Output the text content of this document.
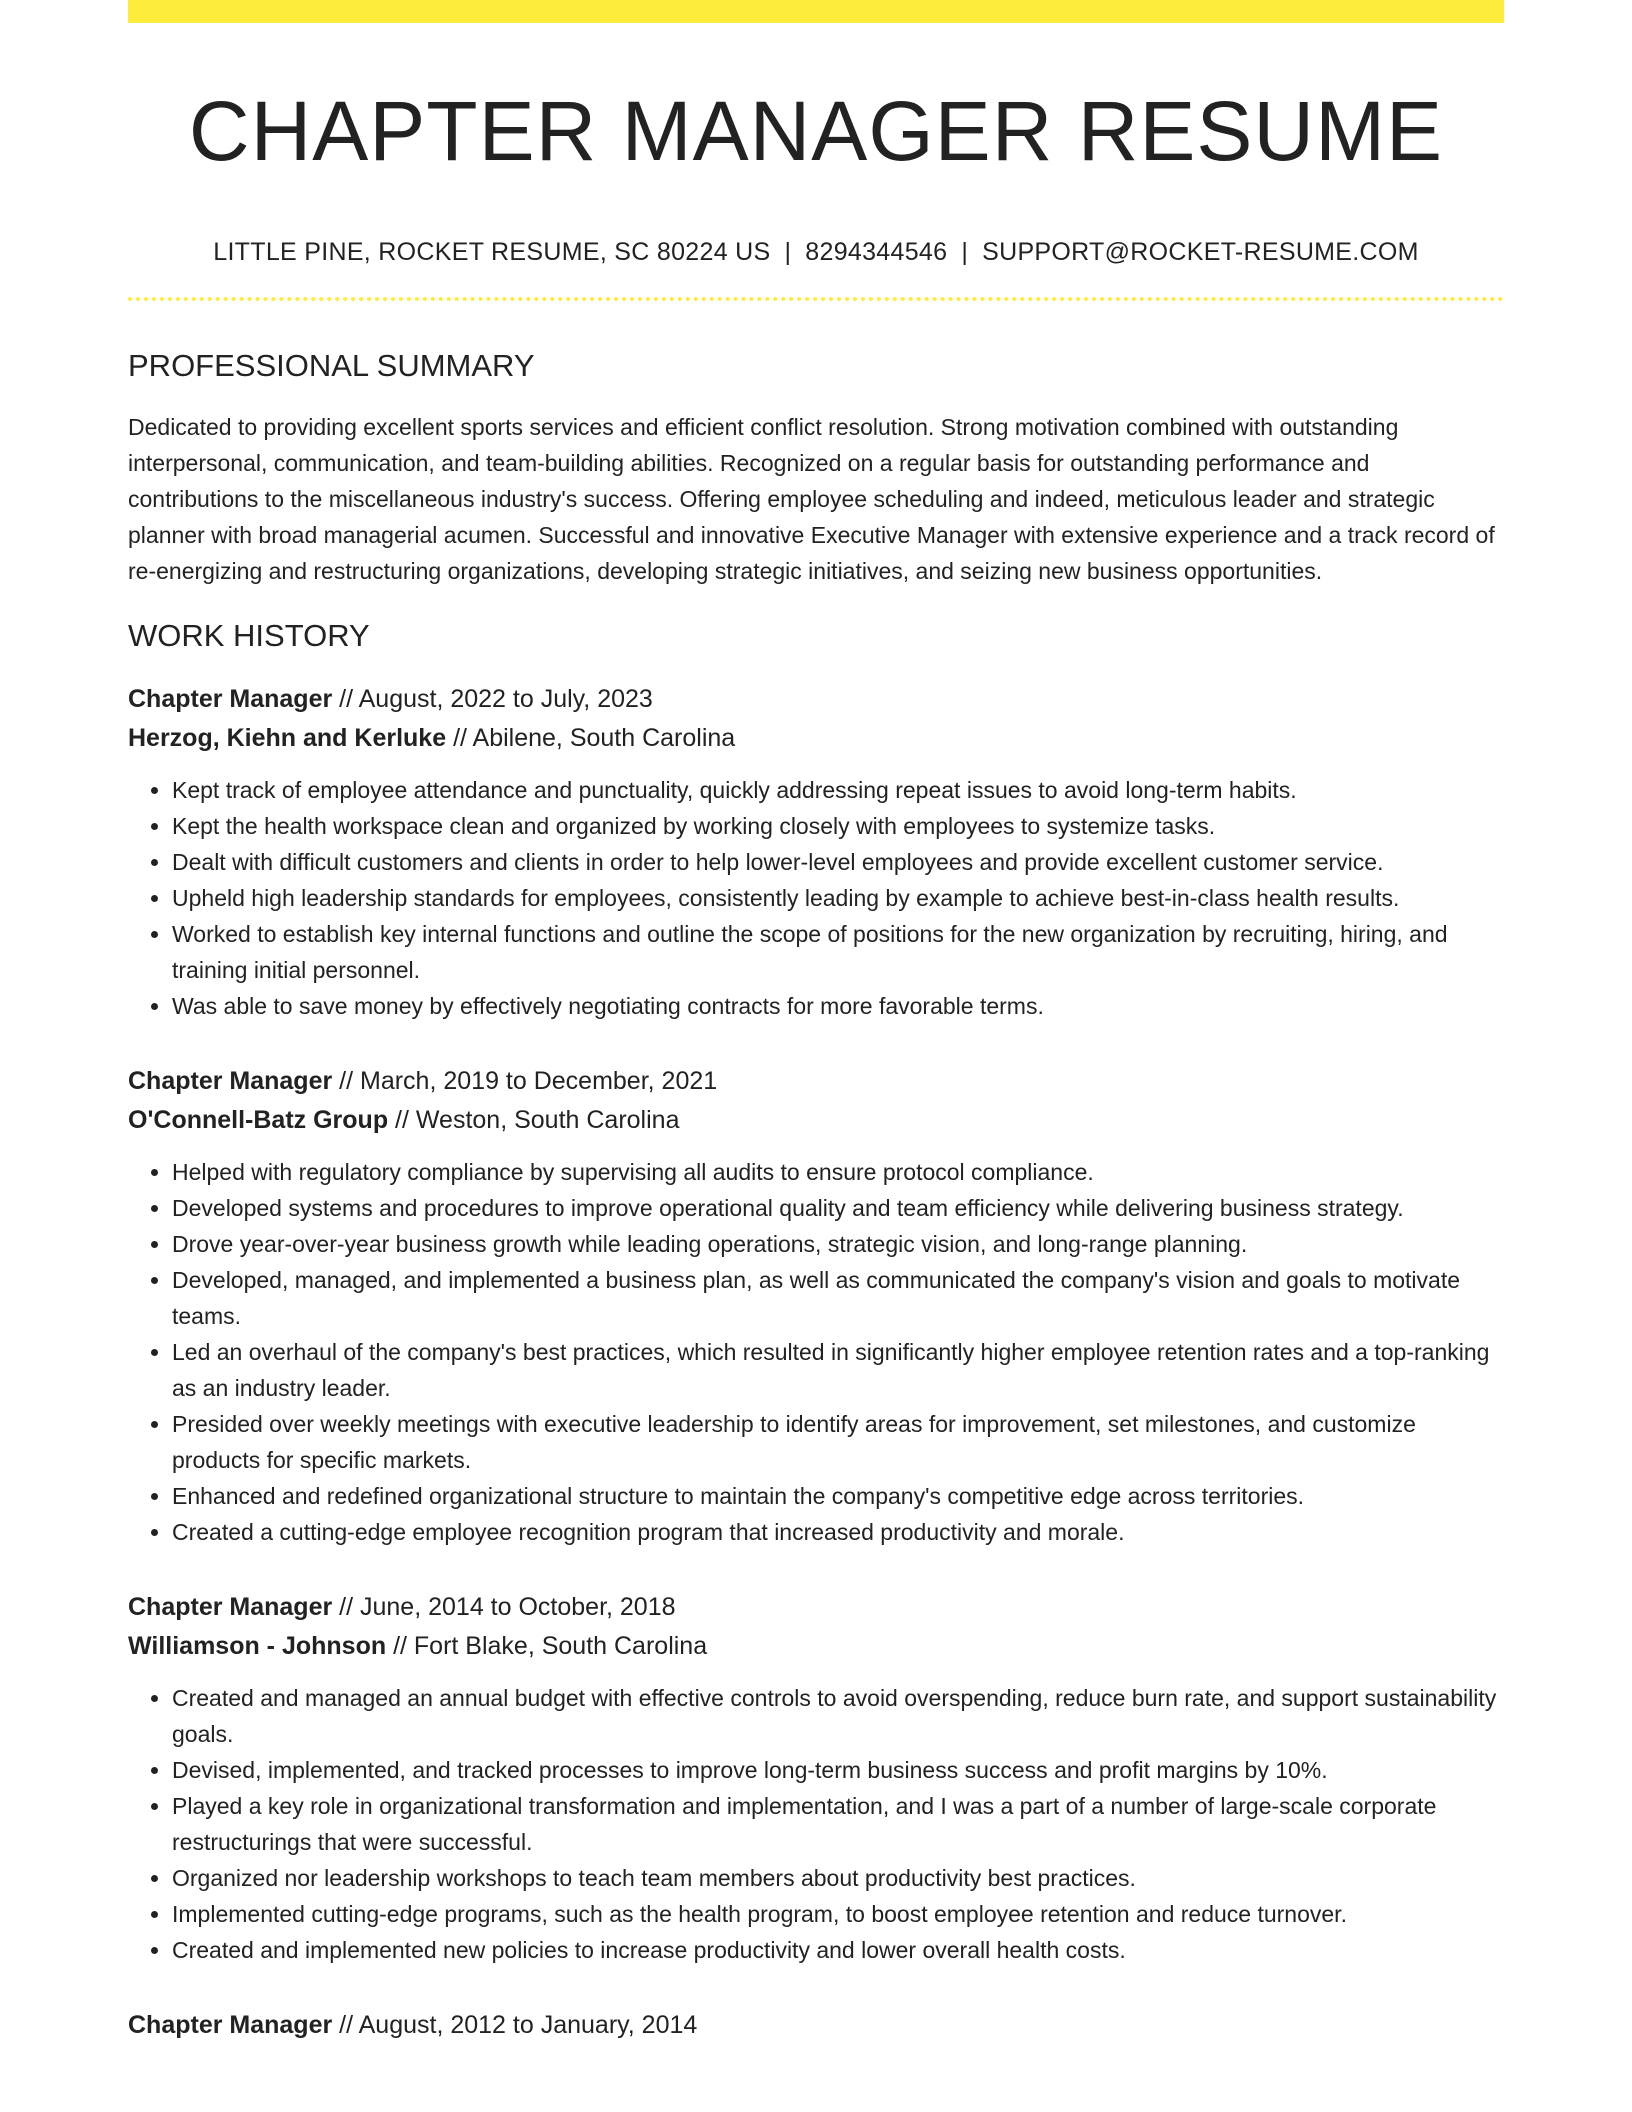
CHAPTER MANAGER RESUME
LITTLE PINE, ROCKET RESUME, SC 80224 US | 8294344546 | SUPPORT@ROCKET-RESUME.COM
PROFESSIONAL SUMMARY
Dedicated to providing excellent sports services and efficient conflict resolution. Strong motivation combined with outstanding interpersonal, communication, and team-building abilities. Recognized on a regular basis for outstanding performance and contributions to the miscellaneous industry's success. Offering employee scheduling and indeed, meticulous leader and strategic planner with broad managerial acumen. Successful and innovative Executive Manager with extensive experience and a track record of re-energizing and restructuring organizations, developing strategic initiatives, and seizing new business opportunities.
WORK HISTORY
Chapter Manager // August, 2022 to July, 2023
Herzog, Kiehn and Kerluke // Abilene, South Carolina
• Kept track of employee attendance and punctuality, quickly addressing repeat issues to avoid long-term habits.
• Kept the health workspace clean and organized by working closely with employees to systemize tasks.
• Dealt with difficult customers and clients in order to help lower-level employees and provide excellent customer service.
• Upheld high leadership standards for employees, consistently leading by example to achieve best-in-class health results.
• Worked to establish key internal functions and outline the scope of positions for the new organization by recruiting, hiring, and training initial personnel.
• Was able to save money by effectively negotiating contracts for more favorable terms.
Chapter Manager // March, 2019 to December, 2021
O'Connell-Batz Group // Weston, South Carolina
• Helped with regulatory compliance by supervising all audits to ensure protocol compliance.
• Developed systems and procedures to improve operational quality and team efficiency while delivering business strategy.
• Drove year-over-year business growth while leading operations, strategic vision, and long-range planning.
• Developed, managed, and implemented a business plan, as well as communicated the company's vision and goals to motivate teams.
• Led an overhaul of the company's best practices, which resulted in significantly higher employee retention rates and a top-ranking as an industry leader.
• Presided over weekly meetings with executive leadership to identify areas for improvement, set milestones, and customize products for specific markets.
• Enhanced and redefined organizational structure to maintain the company's competitive edge across territories.
• Created a cutting-edge employee recognition program that increased productivity and morale.
Chapter Manager // June, 2014 to October, 2018
Williamson - Johnson // Fort Blake, South Carolina
• Created and managed an annual budget with effective controls to avoid overspending, reduce burn rate, and support sustainability goals.
• Devised, implemented, and tracked processes to improve long-term business success and profit margins by 10%.
• Played a key role in organizational transformation and implementation, and I was a part of a number of large-scale corporate restructurings that were successful.
• Organized nor leadership workshops to teach team members about productivity best practices.
• Implemented cutting-edge programs, such as the health program, to boost employee retention and reduce turnover.
• Created and implemented new policies to increase productivity and lower overall health costs.
Chapter Manager // August, 2012 to January, 2014
